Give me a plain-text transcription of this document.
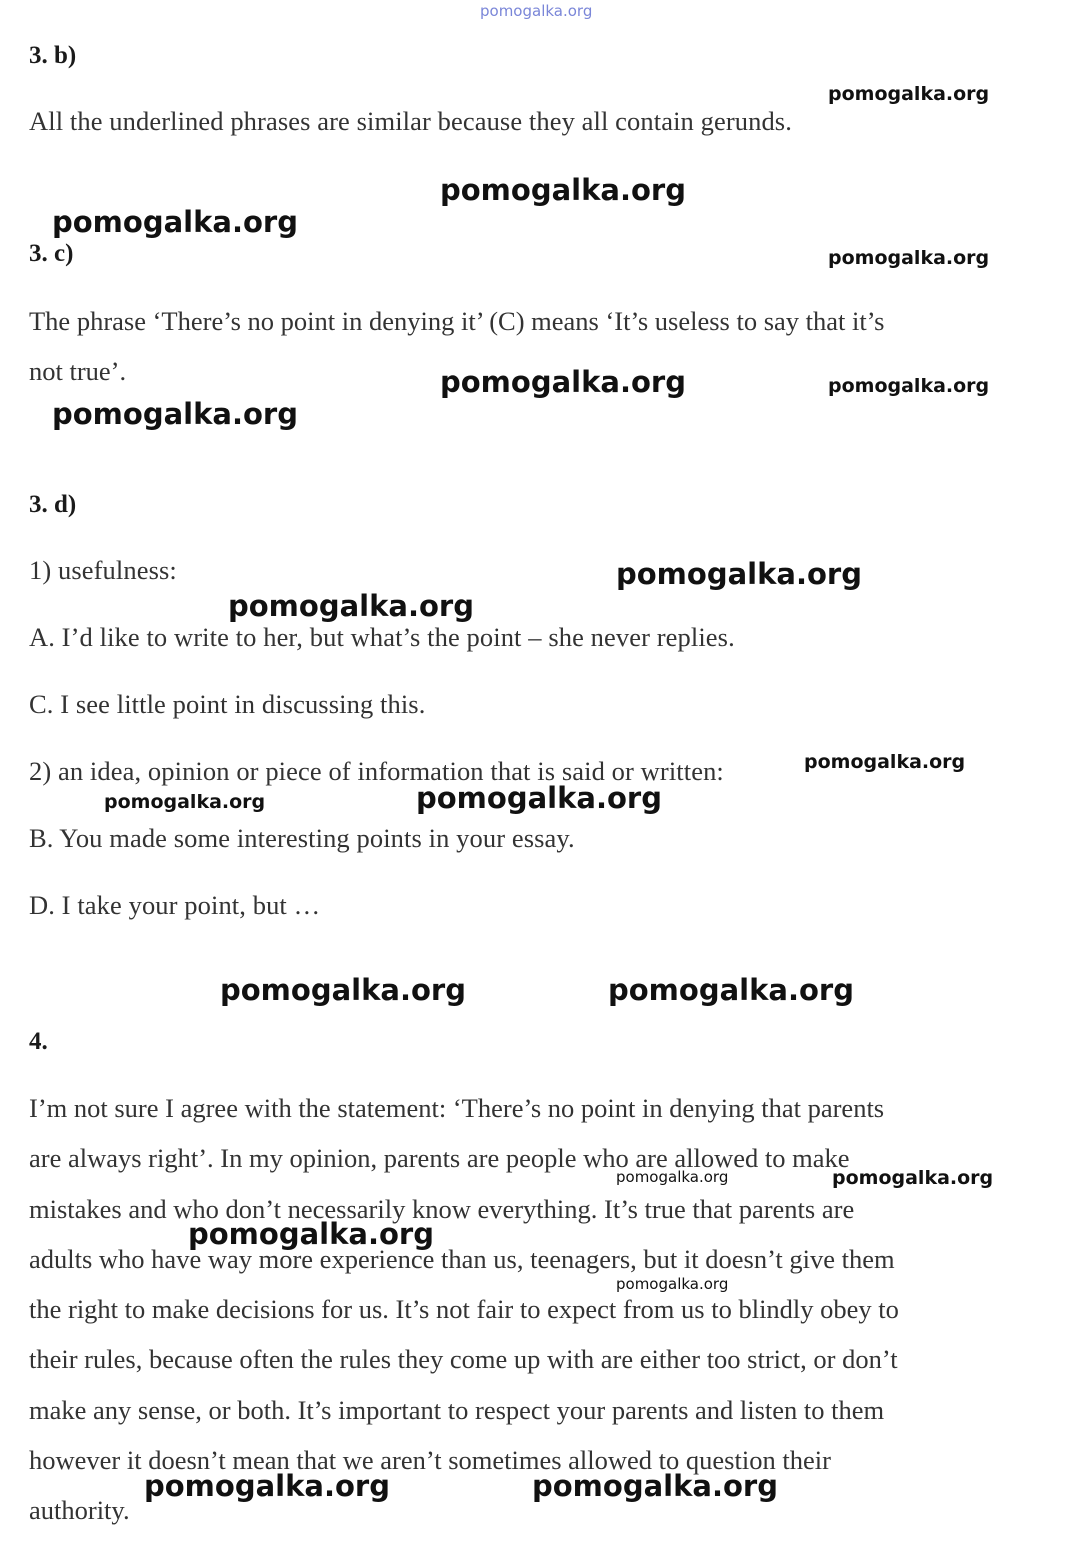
pomogalka.org
3. b)
All the underlined phrases are similar because they all contain gerunds.
3. c)
The phrase ‘There’s no point in denying it’ (C) means ‘It’s useless to say that it’s
not true’.
3. d)
1) usefulness:
A. I’d like to write to her, but what’s the point – she never replies.
C. I see little point in discussing this.
2) an idea, opinion or piece of information that is said or written:
B. You made some interesting points in your essay.
D. I take your point, but …
4.
I’m not sure I agree with the statement: ‘There’s no point in denying that parents
are always right’. In my opinion, parents are people who are allowed to make
mistakes and who don’t necessarily know everything. It’s true that parents are
adults who have way more experience than us, teenagers, but it doesn’t give them
the right to make decisions for us. It’s not fair to expect from us to blindly obey to
their rules, because often the rules they come up with are either too strict, or don’t
make any sense, or both. It’s important to respect your parents and listen to them
however it doesn’t mean that we aren’t sometimes allowed to question their
authority.
pomogalka.org
pomogalka.org
pomogalka.org
pomogalka.org
pomogalka.org	pomogalka.org
pomogalka.org
pomogalka.org
pomogalka.org
pomogalka.org
pomogalka.org
pomogalka.org
pomogalka.org	pomogalka.org
pomogalka.org	pomogalka.org
pomogalka.org
pomogalka.org
pomogalka.org	pomogalka.org
